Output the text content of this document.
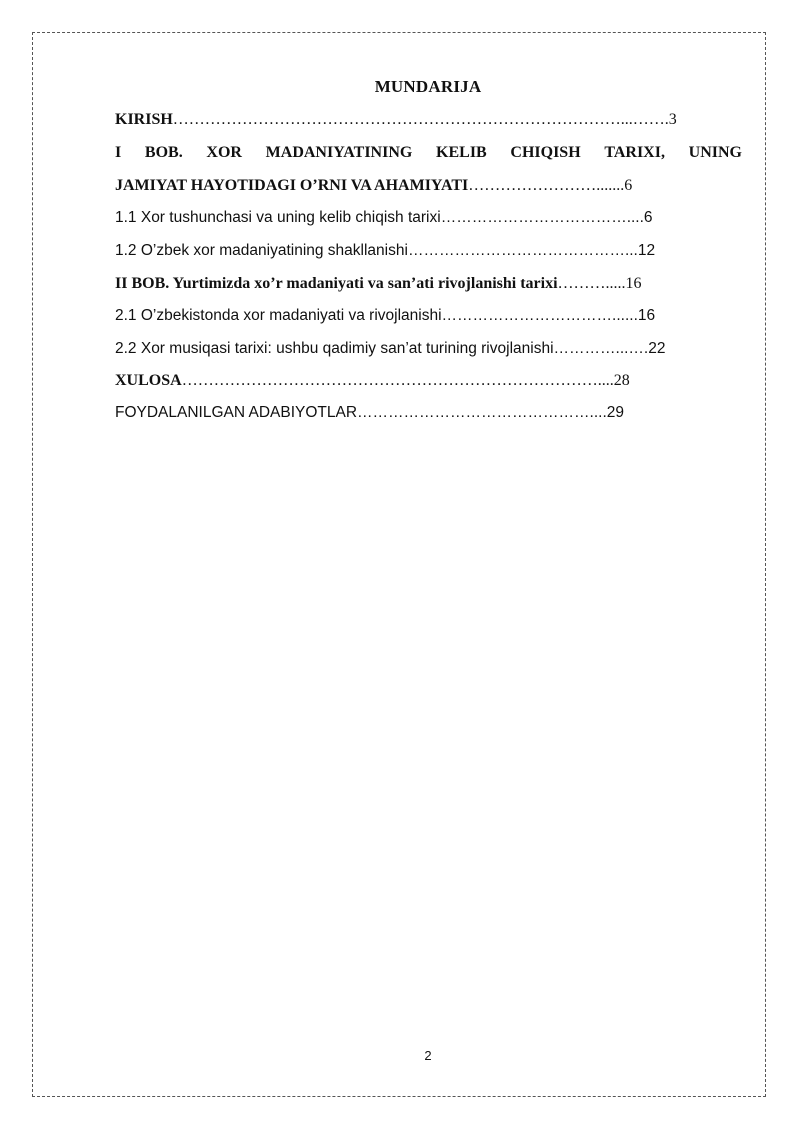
MUNDARIJA
KIRISH…………………………………………………………………………...…….3
I BOB. XOR MADANIYATINING KELIB CHIQISH TARIXI, UNING
JAMIYAT HAYOTIDAGI O’RNI VA AHAMIYATI…………………….......6
1.1 Xor tushunchasi va uning kelib chiqish tarixi………………………………....6
1.2 O’zbek xor madaniyatining shakllanishi……………………………………...12
II BOB. Yurtimizda xo’r madaniyati va san’ati rivojlanishi tarixi……….....16
2.1 O’zbekistonda xor madaniyati va rivojlanishi……………………………......16
2.2 Xor musiqasi tarixi: ushbu qadimiy san’at turining rivojlanishi…………...….22
XULOSA……………………………………………………………………....28
FOYDALANILGAN ADABIYOTLAR………………………………………....29
2
